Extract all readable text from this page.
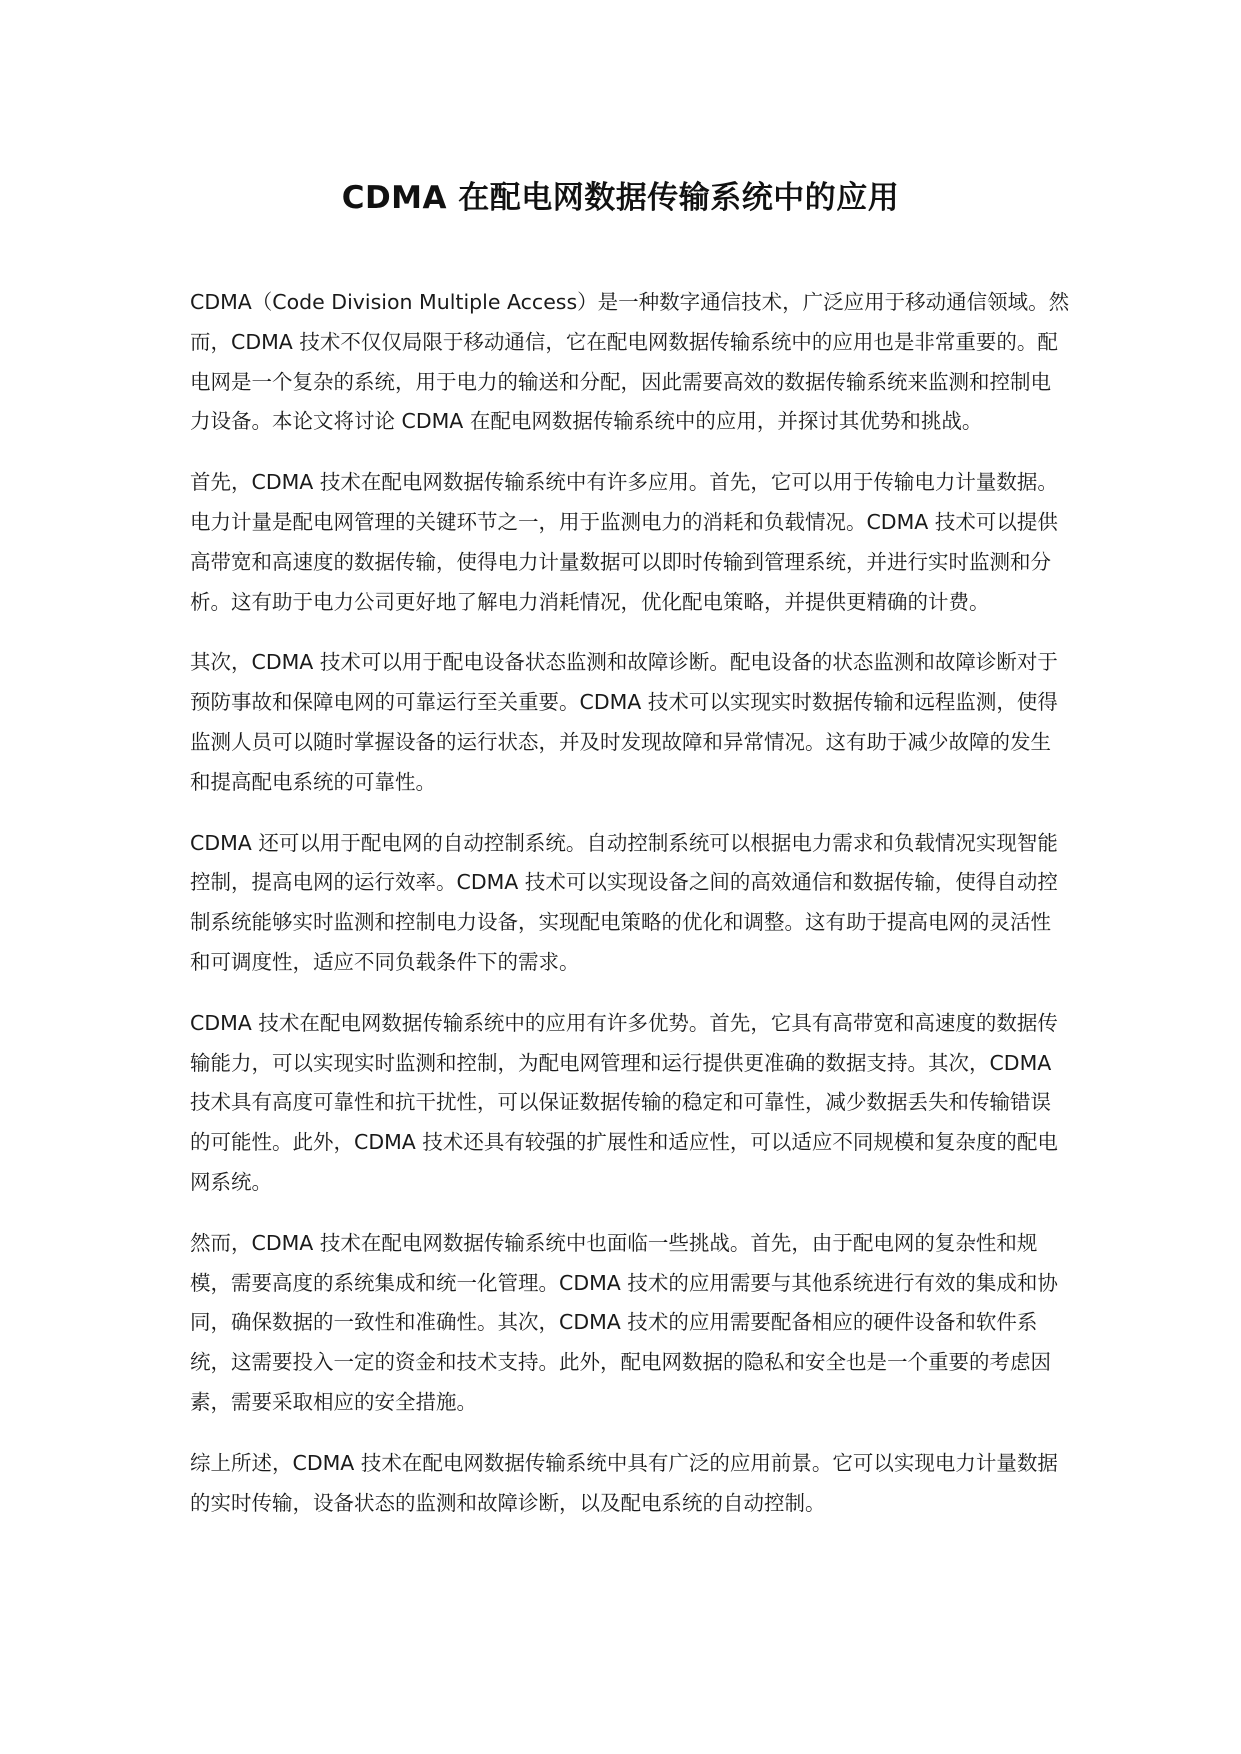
CDMA 在配电网数据传输系统中的应用

CDMA（Code Division Multiple Access）是一种数字通信技术，广泛应用于移动通信领域。然而，CDMA 技术不仅仅局限于移动通信，它在配电网数据传输系统中的应用也是非常重要的。配电网是一个复杂的系统，用于电力的输送和分配，因此需要高效的数据传输系统来监测和控制电力设备。本论文将讨论 CDMA 在配电网数据传输系统中的应用，并探讨其优势和挑战。

首先，CDMA 技术在配电网数据传输系统中有许多应用。首先，它可以用于传输电力计量数据。电力计量是配电网管理的关键环节之一，用于监测电力的消耗和负载情况。CDMA 技术可以提供高带宽和高速度的数据传输，使得电力计量数据可以即时传输到管理系统，并进行实时监测和分析。这有助于电力公司更好地了解电力消耗情况，优化配电策略，并提供更精确的计费。

其次，CDMA 技术可以用于配电设备状态监测和故障诊断。配电设备的状态监测和故障诊断对于预防事故和保障电网的可靠运行至关重要。CDMA 技术可以实现实时数据传输和远程监测，使得监测人员可以随时掌握设备的运行状态，并及时发现故障和异常情况。这有助于减少故障的发生和提高配电系统的可靠性。

CDMA 还可以用于配电网的自动控制系统。自动控制系统可以根据电力需求和负载情况实现智能控制，提高电网的运行效率。CDMA 技术可以实现设备之间的高效通信和数据传输，使得自动控制系统能够实时监测和控制电力设备，实现配电策略的优化和调整。这有助于提高电网的灵活性和可调度性，适应不同负载条件下的需求。

CDMA 技术在配电网数据传输系统中的应用有许多优势。首先，它具有高带宽和高速度的数据传输能力，可以实现实时监测和控制，为配电网管理和运行提供更准确的数据支持。其次，CDMA 技术具有高度可靠性和抗干扰性，可以保证数据传输的稳定和可靠性，减少数据丢失和传输错误的可能性。此外，CDMA 技术还具有较强的扩展性和适应性，可以适应不同规模和复杂度的配电网系统。

然而，CDMA 技术在配电网数据传输系统中也面临一些挑战。首先，由于配电网的复杂性和规模，需要高度的系统集成和统一化管理。CDMA 技术的应用需要与其他系统进行有效的集成和协同，确保数据的一致性和准确性。其次，CDMA 技术的应用需要配备相应的硬件设备和软件系统，这需要投入一定的资金和技术支持。此外，配电网数据的隐私和安全也是一个重要的考虑因素，需要采取相应的安全措施。

综上所述，CDMA 技术在配电网数据传输系统中具有广泛的应用前景。它可以实现电力计量数据的实时传输，设备状态的监测和故障诊断，以及配电系统的自动控制。
